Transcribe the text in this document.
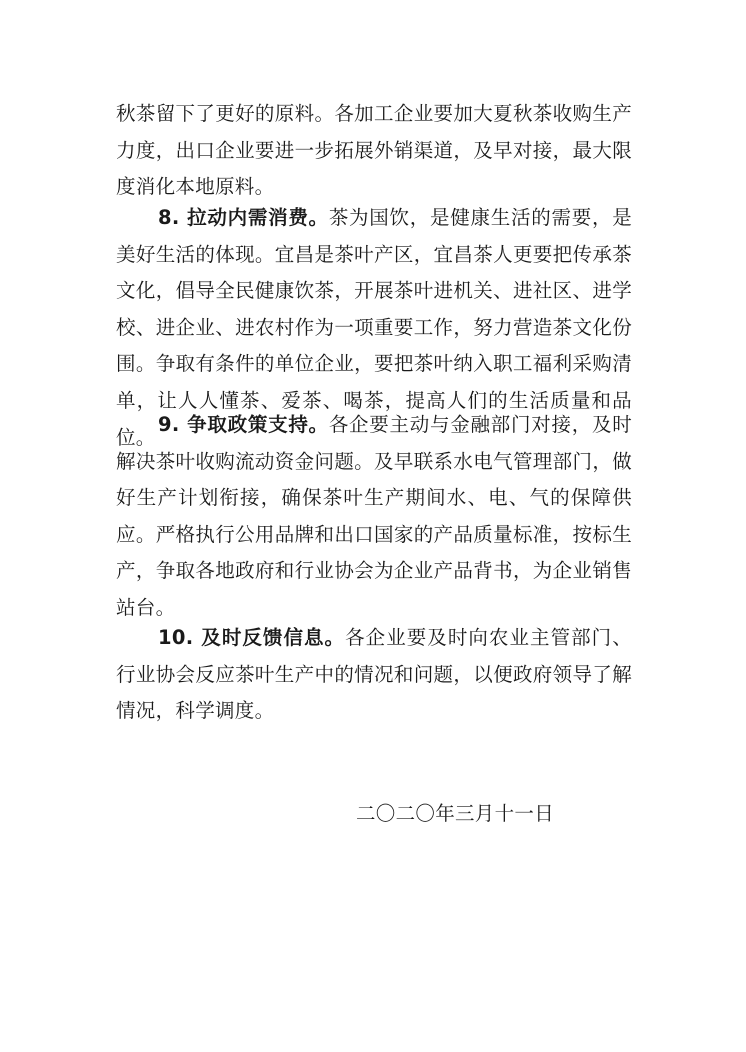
秋茶留下了更好的原料。各加工企业要加大夏秋茶收购生产力度，出口企业要进一步拓展外销渠道，及早对接，最大限度消化本地原料。

8. 拉动内需消费。茶为国饮，是健康生活的需要，是美好生活的体现。宜昌是茶叶产区，宜昌茶人更要把传承茶文化，倡导全民健康饮茶，开展茶叶进机关、进社区、进学校、进企业、进农村作为一项重要工作，努力营造茶文化份围。争取有条件的单位企业，要把茶叶纳入职工福利采购清单，让人人懂茶、爱茶、喝茶，提高人们的生活质量和品位。

9. 争取政策支持。各企要主动与金融部门对接，及时解决茶叶收购流动资金问题。及早联系水电气管理部门，做好生产计划衔接，确保茶叶生产期间水、电、气的保障供应。严格执行公用品牌和出口国家的产品质量标准，按标生产，争取各地政府和行业协会为企业产品背书，为企业销售站台。

10. 及时反馈信息。各企业要及时向农业主管部门、行业协会反应茶叶生产中的情况和问题，以便政府领导了解情况，科学调度。

二〇二〇年三月十一日
